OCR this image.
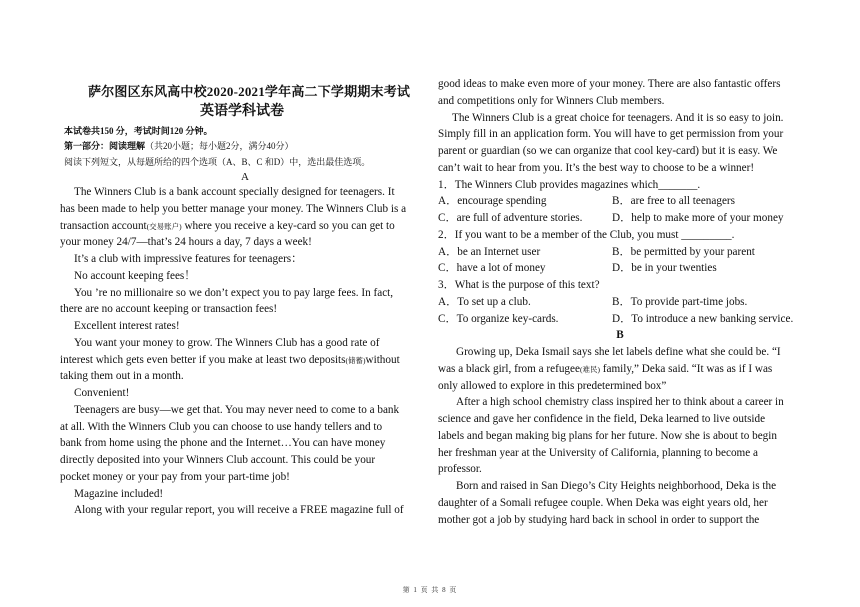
萨尔图区东风高中校2020-2021学年高二下学期期末考试
英语学科试卷
本试卷共150 分，考试时间120 分钟。
第一部分：阅读理解（共20小题；每小题2分，满分40分）
阅读下列短文，从每题所给的四个选项（A、B、C 和D）中，选出最佳选项。
A
The Winners Club is a bank account specially designed for teenagers. It
has been made to help you better manage your money. The Winners Club is a
transaction account(交易账户) where you receive a key-card so you can get to
your money 24/7—that’s 24 hours a day, 7 days a week!
It’s a club with impressive features for teenagers：
No account keeping fees！
You ’re no millionaire so we don’t expect you to pay large fees. In fact,
there are no account keeping or transaction fees!
Excellent interest rates!
You want your money to grow. The Winners Club has a good rate of
interest which gets even better if you make at least two deposits(储蓄)without
taking them out in a month.
Convenient!
Teenagers are busy—we get that. You may never need to come to a bank
at all. With the Winners Club you can choose to use handy tellers and to
bank from home using the phone and the Internet…You can have money
directly deposited into your Winners Club account. This could be your
pocket money or your pay from your part-time job!
Magazine included!
Along with your regular report, you will receive a FREE magazine full of
good ideas to make even more of your money. There are also fantastic offers
and competitions only for Winners Club members.
The Winners Club is a great choice for teenagers. And it is so easy to join.
Simply fill in an application form. You will have to get permission from your
parent or guardian (so we can organize that cool key-card) but it is easy. We
can’t wait to hear from you. It’s the best way to choose to be a winner!
1．The Winners Club provides magazines which_______.
A．encourage spending	B．are free to all teenagers
C．are full of adventure stories.	D．help to make more of your money
2．If you want to be a member of the Club, you must _________.
A．be an Internet user	B．be permitted by your parent
C．have a lot of money	D．be in your twenties
3．What is the purpose of this text?
A．To set up a club.	B．To provide part-time jobs.
C．To organize key-cards.	D．To introduce a new banking service.
B
Growing up, Deka Ismail says she let labels define what she could be. “I
was a black girl, from a refugee(难民) family,” Deka said. “It was as if I was
only allowed to explore in this predetermined box”
After a high school chemistry class inspired her to think about a career in
science and gave her confidence in the field, Deka learned to live outside
labels and began making big plans for her future. Now she is about to begin
her freshman year at the University of California, planning to become a
professor.
Born and raised in San Diego’s City Heights neighborhood, Deka is the
daughter of a Somali refugee couple. When Deka was eight years old, her
mother got a job by studying hard back in school in order to support the
第 1 页 共 8 页
